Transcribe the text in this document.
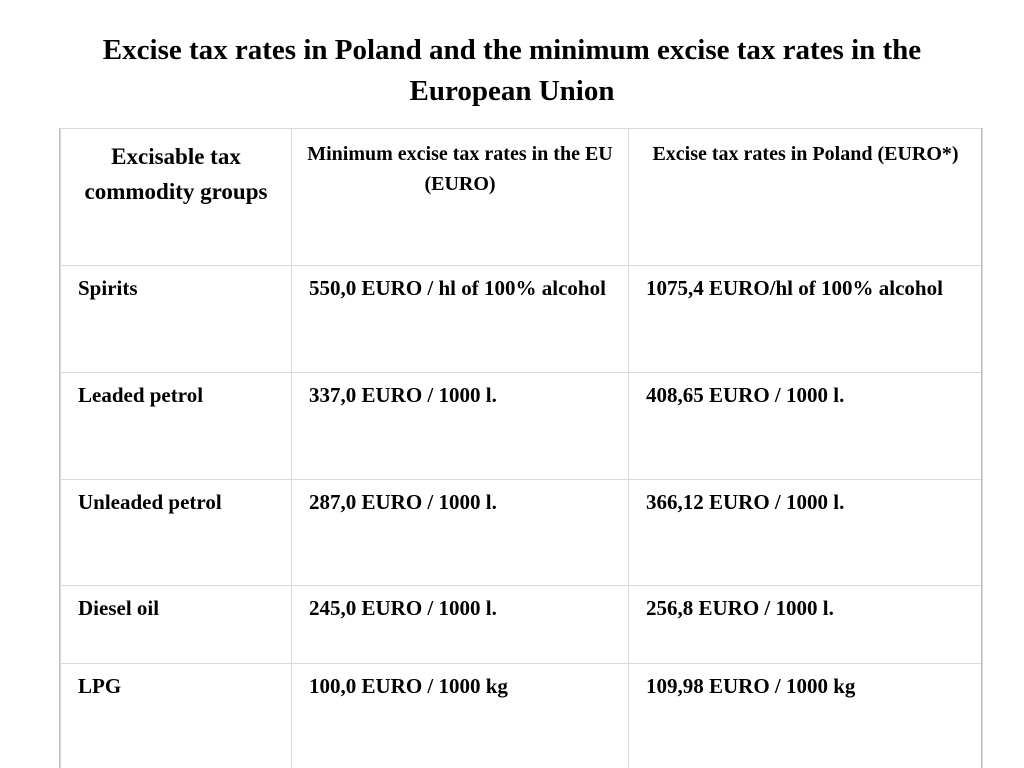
Excise tax rates in Poland and the minimum excise tax rates in the
European Union
Excisable tax commodity groups	Minimum excise tax rates in the EU (EURO)	Excise tax rates in Poland (EURO*)
Spirits	550,0 EURO / hl of 100% alcohol	1075,4 EURO/hl of 100% alcohol
Leaded petrol	337,0 EURO / 1000 l.	408,65 EURO / 1000 l.
Unleaded petrol	287,0 EURO / 1000 l.	366,12 EURO / 1000 l.
Diesel oil	245,0 EURO / 1000 l.	256,8 EURO / 1000 l.
LPG	100,0 EURO / 1000 kg	109,98 EURO / 1000 kg
